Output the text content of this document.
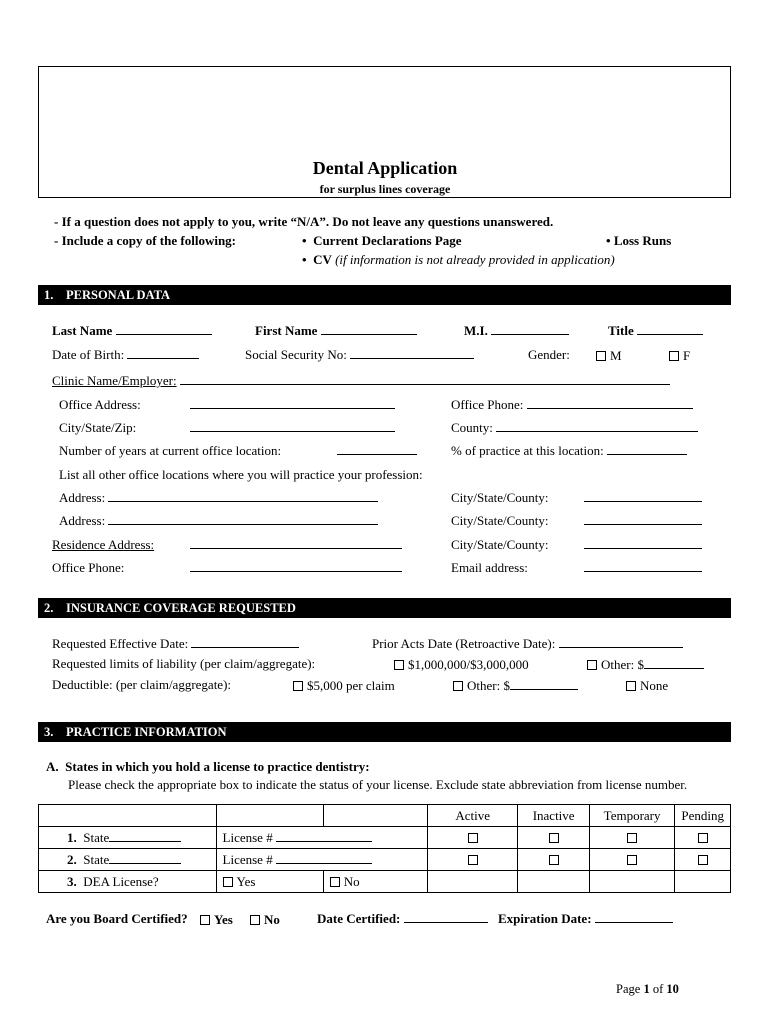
Dental Application
for surplus lines coverage
- If a question does not apply to you, write “N/A”. Do not leave any questions unanswered.
- Include a copy of the following:	• Current Declarations Page	• Loss Runs
• CV (if information is not already provided in application)
1. PERSONAL DATA
Last Name	First Name	M.I.	Title
Date of Birth:	Social Security No:	Gender:	M	F
Clinic Name/Employer:
Office Address:	Office Phone:
City/State/Zip:	County:
Number of years at current office location:	% of practice at this location:
List all other office locations where you will practice your profession:
Address:	City/State/County:
Address:	City/State/County:
Residence Address:	City/State/County:
Office Phone:	Email address:
2. INSURANCE COVERAGE REQUESTED
Requested Effective Date:	Prior Acts Date (Retroactive Date):
Requested limits of liability (per claim/aggregate):	$1,000,000/$3,000,000	Other: $
Deductible: (per claim/aggregate):	$5,000 per claim	Other: $	None
3. PRACTICE INFORMATION
A. States in which you hold a license to practice dentistry:
Please check the appropriate box to indicate the status of your license. Exclude state abbreviation from license number.
			Active	Inactive	Temporary	Pending
1. State	License #					
2. State	License #					
3. DEA License?	Yes	No				
Are you Board Certified?	Yes	No	Date Certified:	Expiration Date:
Page 1 of 10
